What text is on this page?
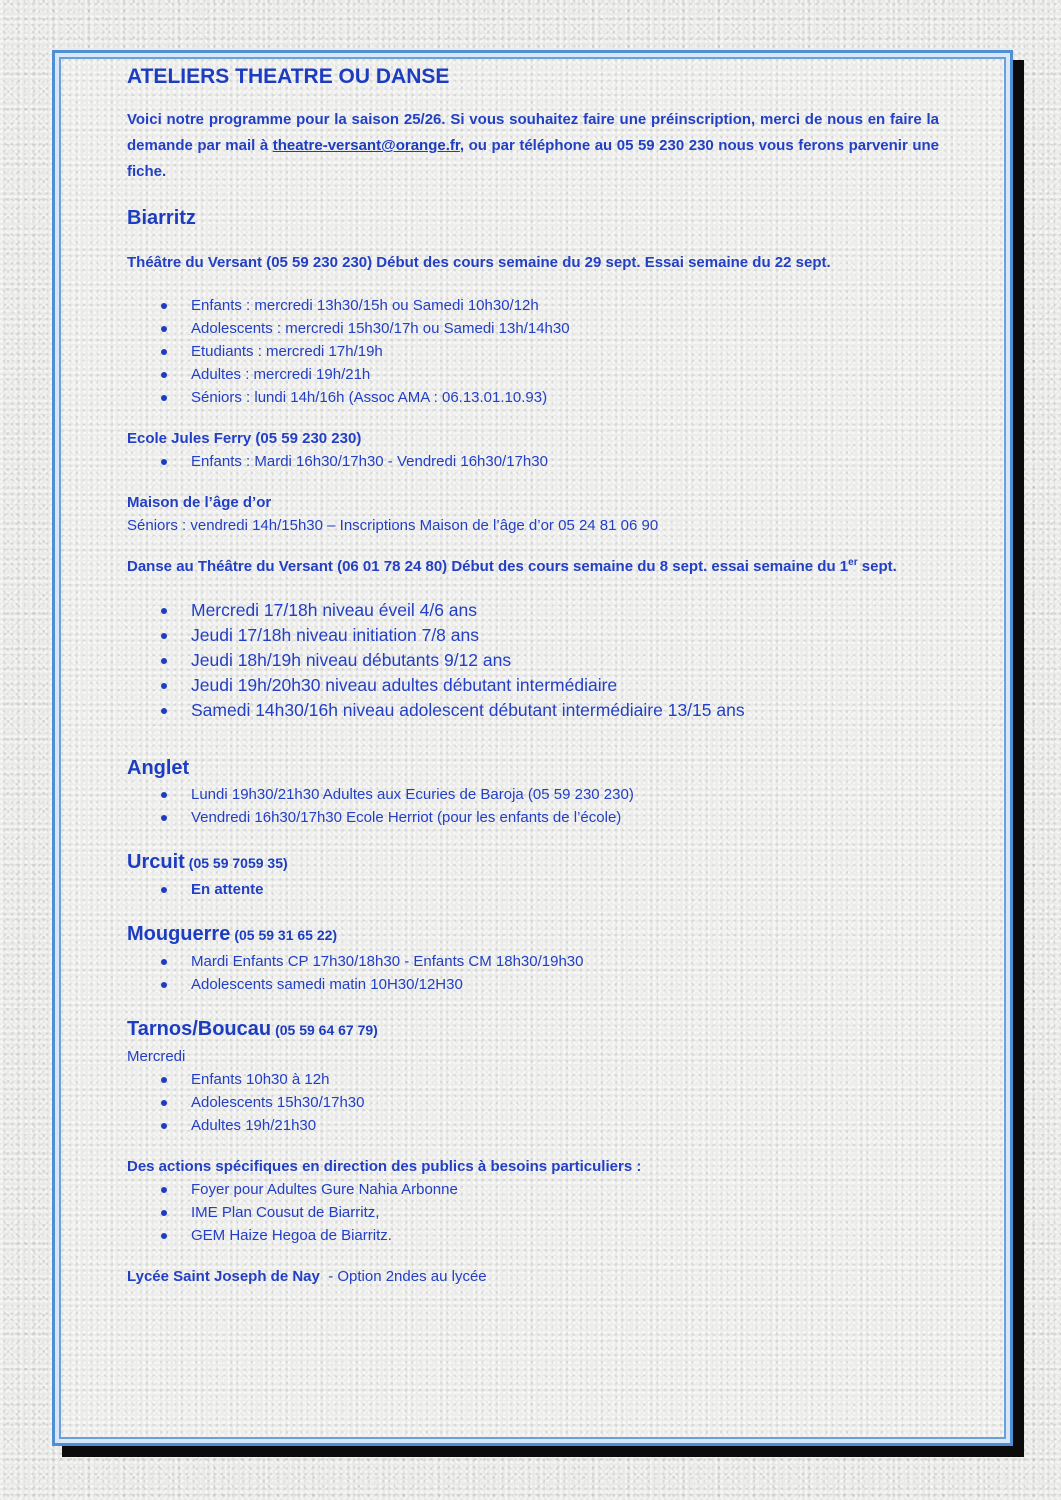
ATELIERS THEATRE OU DANSE

Voici notre programme pour la saison 25/26. Si vous souhaitez faire une préinscription, merci de nous en faire la demande par mail à theatre-versant@orange.fr, ou par téléphone au 05 59 230 230 nous vous ferons parvenir une fiche.

Biarritz
Théâtre du Versant (05 59 230 230) Début des cours semaine du 29 sept. Essai semaine du 22 sept.
Enfants : mercredi 13h30/15h ou Samedi 10h30/12h
Adolescents : mercredi 15h30/17h ou Samedi 13h/14h30
Etudiants : mercredi 17h/19h
Adultes : mercredi 19h/21h
Séniors : lundi 14h/16h (Assoc AMA : 06.13.01.10.93)
Ecole Jules Ferry (05 59 230 230)
Enfants : Mardi 16h30/17h30 - Vendredi 16h30/17h30
Maison de l’âge d’or

Séniors : vendredi 14h/15h30 – Inscriptions Maison de l’âge d’or 05 24 81 06 90

Danse au Théâtre du Versant (06 01 78 24 80) Début des cours semaine du 8 sept. essai semaine du 1er sept.
Mercredi 17/18h niveau éveil 4/6 ans
Jeudi 17/18h niveau initiation 7/8 ans
Jeudi 18h/19h niveau débutants 9/12 ans
Jeudi 19h/20h30 niveau adultes débutant intermédiaire
Samedi 14h30/16h niveau adolescent débutant intermédiaire 13/15 ans
Anglet
Lundi 19h30/21h30 Adultes aux Ecuries de Baroja (05 59 230 230)
Vendredi 16h30/17h30 Ecole Herriot (pour les enfants de l’école)
Urcuit (05 59 7059 35)
En attente
Mouguerre (05 59 31 65 22)
Mardi Enfants CP 17h30/18h30 - Enfants CM 18h30/19h30
Adolescents samedi matin 10H30/12H30
Tarnos/Boucau (05 59 64 67 79)

Mercredi

Enfants 10h30 à 12h
Adolescents 15h30/17h30
Adultes 19h/21h30
Des actions spécifiques en direction des publics à besoins particuliers :
Foyer pour Adultes Gure Nahia Arbonne
IME Plan Cousut de Biarritz,
GEM Haize Hegoa de Biarritz.
Lycée Saint Joseph de Nay  - Option 2ndes au lycée
